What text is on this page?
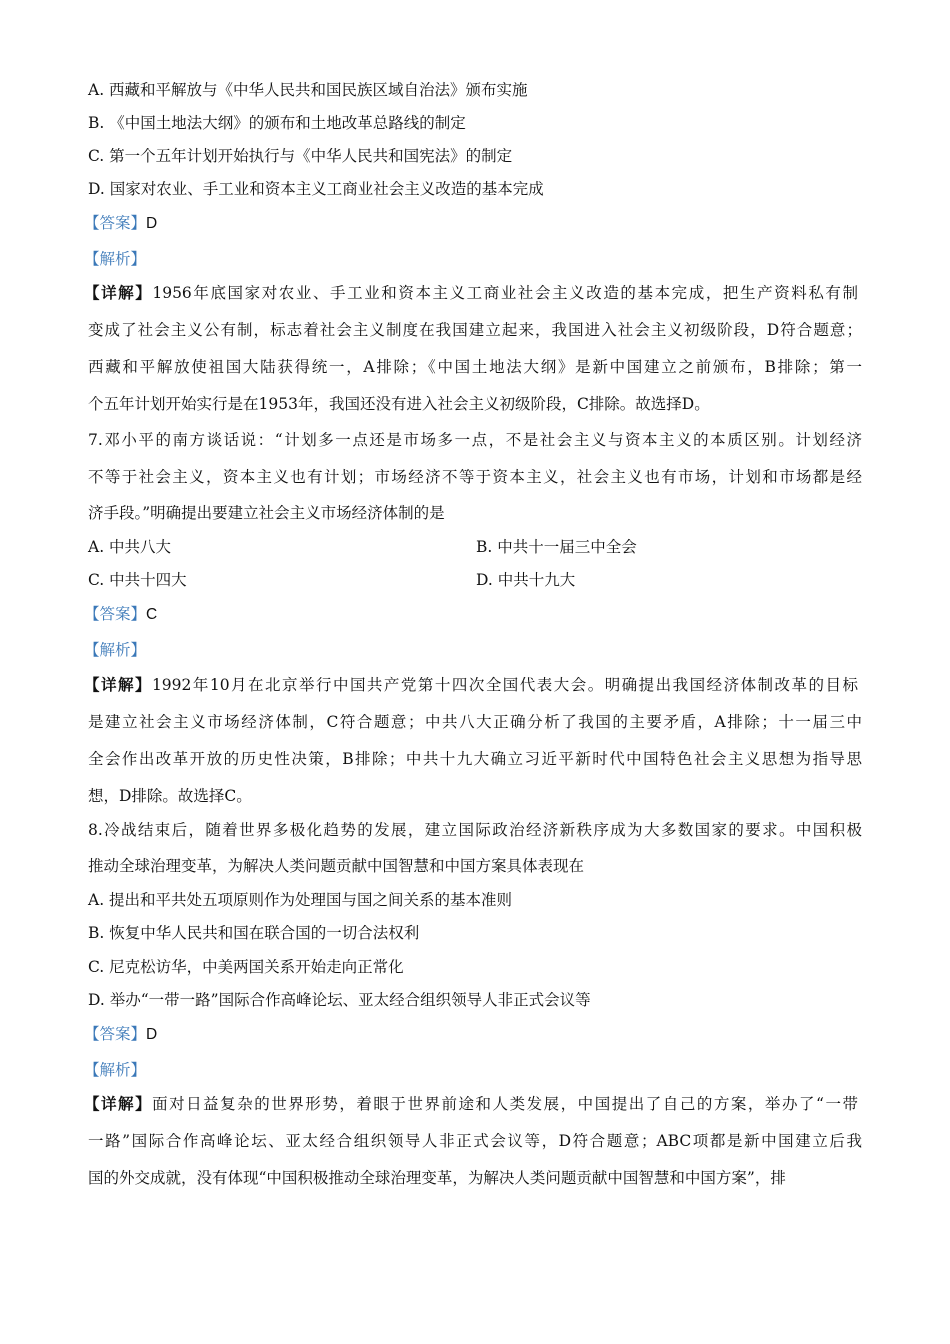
A. 西藏和平解放与《中华人民共和国民族区域自治法》颁布实施
B. 《中国土地法大纲》的颁布和土地改革总路线的制定
C. 第一个五年计划开始执行与《中华人民共和国宪法》的制定
D. 国家对农业、手工业和资本主义工商业社会主义改造的基本完成
【答案】D
【解析】
【详解】1956年底国家对农业、手工业和资本主义工商业社会主义改造的基本完成，把生产资料私有制
变成了社会主义公有制，标志着社会主义制度在我国建立起来，我国进入社会主义初级阶段，D符合题意；
西藏和平解放使祖国大陆获得统一，A排除；《中国土地法大纲》是新中国建立之前颁布，B排除；第一
个五年计划开始实行是在1953年，我国还没有进入社会主义初级阶段，C排除。故选择D。
7.邓小平的南方谈话说：“计划多一点还是市场多一点，不是社会主义与资本主义的本质区别。计划经济
不等于社会主义，资本主义也有计划；市场经济不等于资本主义，社会主义也有市场，计划和市场都是经
济手段。”明确提出要建立社会主义市场经济体制的是
A. 中共八大	B. 中共十一届三中全会
C. 中共十四大	D. 中共十九大
【答案】C
【解析】
【详解】1992年10月在北京举行中国共产党第十四次全国代表大会。明确提出我国经济体制改革的目标
是建立社会主义市场经济体制，C符合题意；中共八大正确分析了我国的主要矛盾，A排除；十一届三中
全会作出改革开放的历史性决策，B排除；中共十九大确立习近平新时代中国特色社会主义思想为指导思
想，D排除。故选择C。
8.冷战结束后，随着世界多极化趋势的发展，建立国际政治经济新秩序成为大多数国家的要求。中国积极
推动全球治理变革，为解决人类问题贡献中国智慧和中国方案具体表现在
A. 提出和平共处五项原则作为处理国与国之间关系的基本准则
B. 恢复中华人民共和国在联合国的一切合法权利
C. 尼克松访华，中美两国关系开始走向正常化
D. 举办“一带一路”国际合作高峰论坛、亚太经合组织领导人非正式会议等
【答案】D
【解析】
【详解】面对日益复杂的世界形势，着眼于世界前途和人类发展，中国提出了自己的方案，举办了“一带
一路”国际合作高峰论坛、亚太经合组织领导人非正式会议等，D符合题意；ABC项都是新中国建立后我
国的外交成就，没有体现“中国积极推动全球治理变革，为解决人类问题贡献中国智慧和中国方案”，排
